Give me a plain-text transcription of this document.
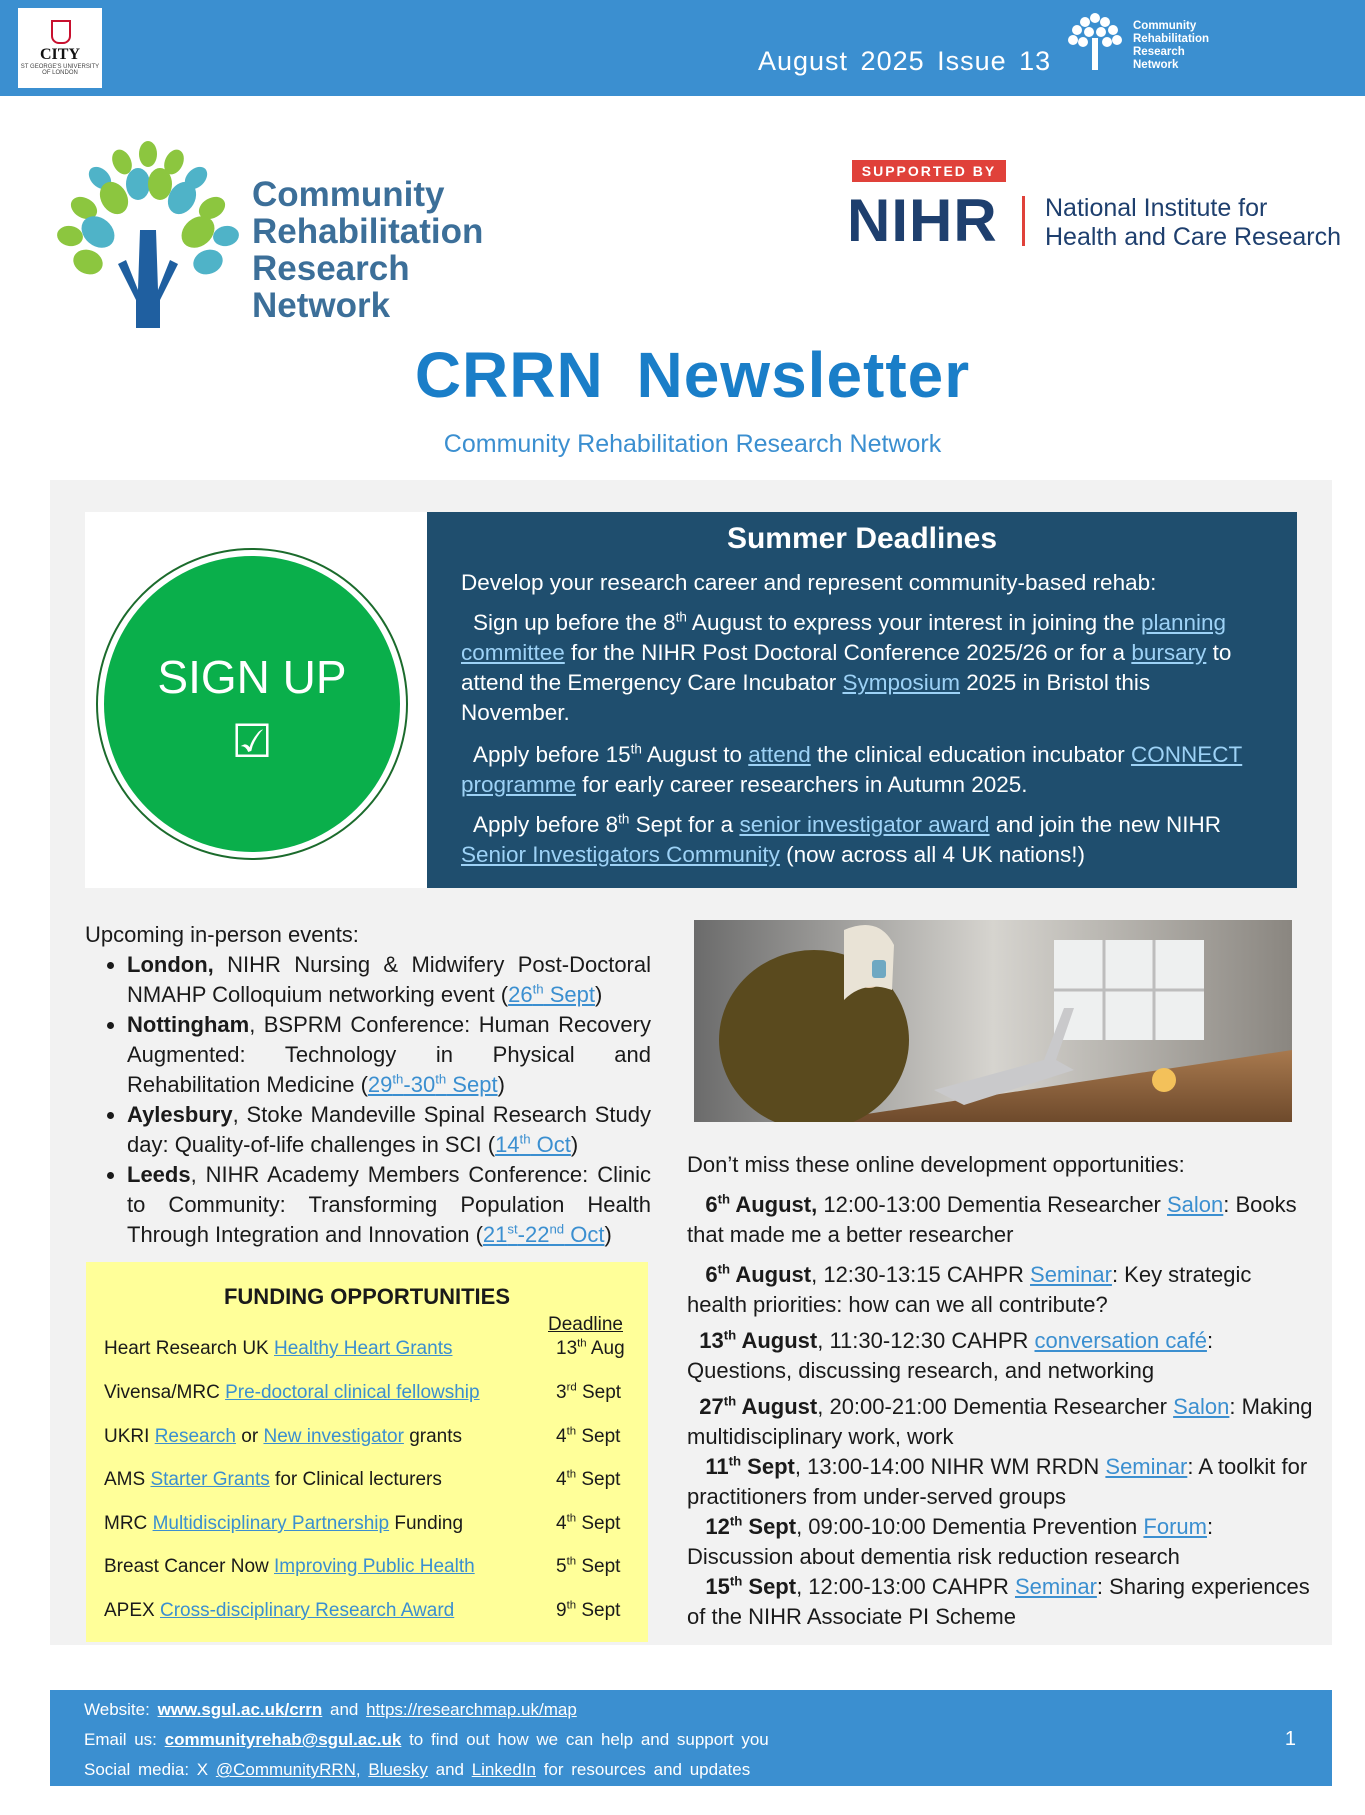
CITY
ST GEORGE'S UNIVERSITY OF LONDON	August 2025 Issue 13
Community
Rehabilitation
Research
Network
Community
Rehabilitation
Research
Network
SUPPORTED BY
NIHR National Institute for
Health and Care Research
CRRN Newsletter
Community Rehabilitation Research Network
SIGN UP
☑
Summer Deadlines
Develop your research career and represent community-based rehab:
Sign up before the 8th August to express your interest in joining the planning committee for the NIHR Post Doctoral Conference 2025/26 or for a bursary to attend the Emergency Care Incubator Symposium 2025 in Bristol this November.
Apply before 15th August to attend the clinical education incubator CONNECT programme for early career researchers in Autumn 2025.
Apply before 8th Sept for a senior investigator award and join the new NIHR Senior Investigators Community (now across all 4 UK nations!)
Upcoming in-person events:
• London, NIHR Nursing & Midwifery Post-Doctoral NMAHP Colloquium networking event (26th Sept)
• Nottingham, BSPRM Conference: Human Recovery Augmented: Technology in Physical and Rehabilitation Medicine (29th-30th Sept)
• Aylesbury, Stoke Mandeville Spinal Research Study day: Quality-of-life challenges in SCI (14th Oct)
• Leeds, NIHR Academy Members Conference: Clinic to Community: Transforming Population Health Through Integration and Innovation (21st-22nd Oct)
FUNDING OPPORTUNITIES
Deadline
Heart Research UK Healthy Heart Grants	13th Aug
Vivensa/MRC Pre-doctoral clinical fellowship	3rd Sept
UKRI Research or New investigator grants	4th Sept
AMS Starter Grants for Clinical lecturers	4th Sept
MRC Multidisciplinary Partnership Funding	4th Sept
Breast Cancer Now Improving Public Health	5th Sept
APEX Cross-disciplinary Research Award	9th Sept
Don’t miss these online development opportunities:
6th August, 12:00-13:00 Dementia Researcher Salon: Books that made me a better researcher
6th August, 12:30-13:15 CAHPR Seminar: Key strategic health priorities: how can we all contribute?
13th August, 11:30-12:30 CAHPR conversation café: Questions, discussing research, and networking
27th August, 20:00-21:00 Dementia Researcher Salon: Making multidisciplinary work, work
11th Sept, 13:00-14:00 NIHR WM RRDN Seminar: A toolkit for practitioners from under-served groups
12th Sept, 09:00-10:00 Dementia Prevention Forum: Discussion about dementia risk reduction research
15th Sept, 12:00-13:00 CAHPR Seminar: Sharing experiences of the NIHR Associate PI Scheme
Website: www.sgul.ac.uk/crrn and https://researchmap.uk/map
Email us: communityrehab@sgul.ac.uk to find out how we can help and support you
Social media: X @CommunityRRN, Bluesky and LinkedIn for resources and updates
1
